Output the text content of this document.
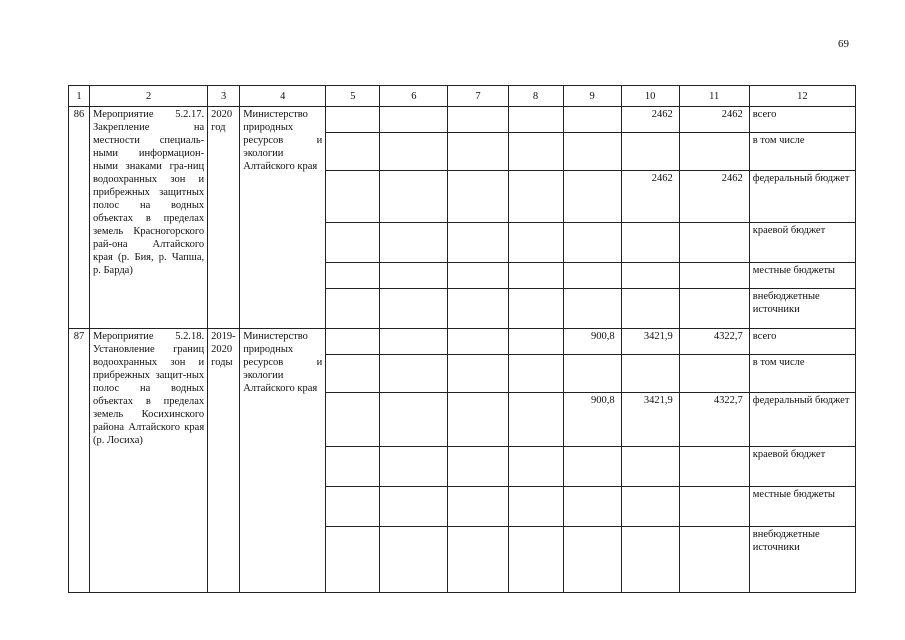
69
1	2	3	4	5	6	7	8	9	10	11	12
86	Мероприятие 5.2.17. Закрепление на местности специаль-ными информацион-ными знаками гра-ниц водоохранных зон и прибрежных защитных полос на водных объектах в пределах земель Красногорского рай-она Алтайского края (р. Бия, р. Чапша, р. Барда)	2020 год	Министерство природных ресурсов и экологии Алтайского края						2462	2462	всего
											в том числе
									2462	2462	федеральный бюджет
											краевой бюджет
											местные бюджеты
											внебюджетные источники
87	Мероприятие 5.2.18. Установление границ водоохранных зон и прибрежных защит-ных полос на водных объектах в пределах земель Косихинского района Алтайского края (р. Лосиха)	2019-2020 годы	Министерство природных ресурсов и экологии Алтайского края					900,8	3421,9	4322,7	всего
											в том числе
								900,8	3421,9	4322,7	федеральный бюджет
											краевой бюджет
											местные бюджеты
											внебюджетные источники
